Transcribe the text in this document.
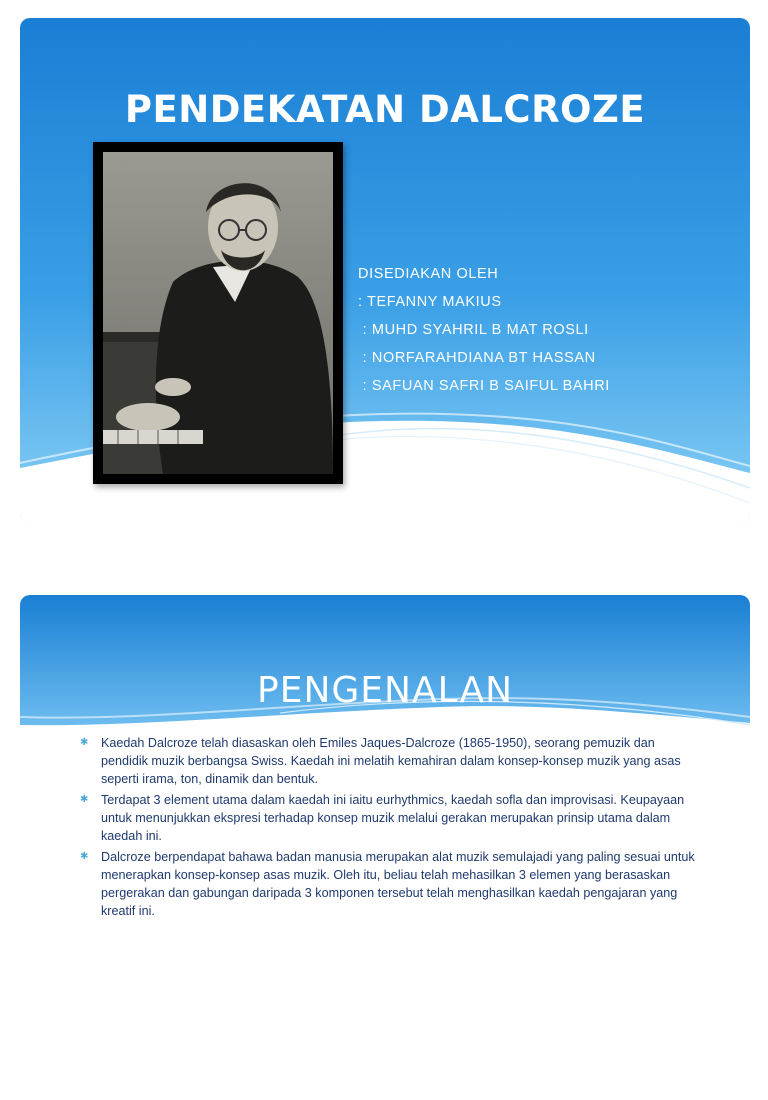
PENDEKATAN DALCROZE
DISEDIAKAN OLEH
: TEFANNY MAKIUS
: MUHD SYAHRIL B MAT ROSLI
: NORFARAHDIANA BT HASSAN
: SAFUAN SAFRI B SAIFUL BAHRI
PENGENALAN
✱ Kaedah Dalcroze telah diasaskan oleh Emiles Jaques-Dalcroze (1865-1950), seorang pemuzik dan pendidik muzik berbangsa Swiss. Kaedah ini melatih kemahiran dalam konsep-konsep muzik yang asas seperti irama, ton, dinamik dan bentuk.
✱ Terdapat 3 element utama dalam kaedah ini iaitu eurhythmics, kaedah sofla dan improvisasi. Keupayaan untuk menunjukkan ekspresi terhadap konsep muzik melalui gerakan merupakan prinsip utama dalam kaedah ini.
✱ Dalcroze berpendapat bahawa badan manusia merupakan alat muzik semulajadi yang paling sesuai untuk menerapkan konsep-konsep asas muzik. Oleh itu, beliau telah mehasilkan 3 elemen yang berasaskan pergerakan dan gabungan daripada 3 komponen tersebut telah menghasilkan kaedah pengajaran yang kreatif ini.
